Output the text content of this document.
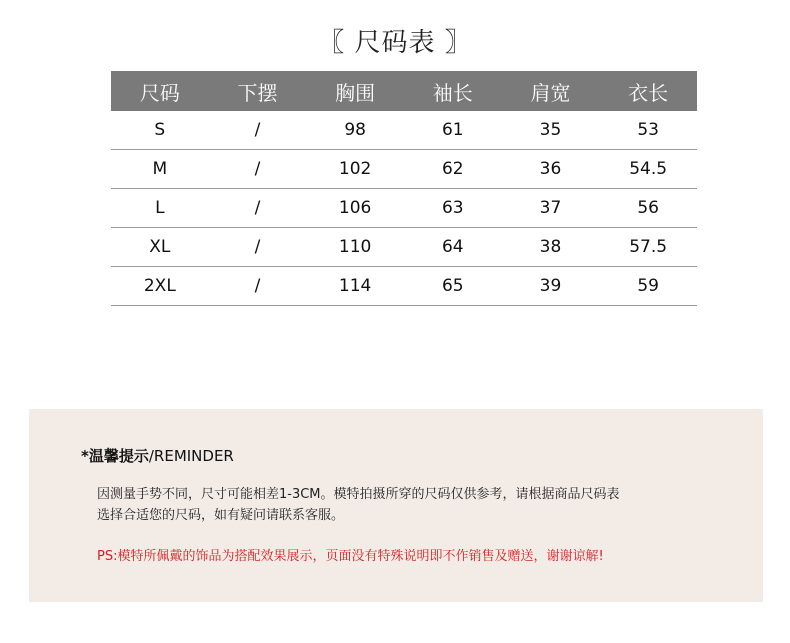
〖 尺码表 〗
尺码	下摆	胸围	袖长	肩宽	衣长
S	/	98	61	35	53
M	/	102	62	36	54.5
L	/	106	63	37	56
XL	/	110	64	38	57.5
2XL	/	114	65	39	59
*温馨提示/REMINDER
因测量手势不同，尺寸可能相差1-3CM。模特拍摄所穿的尺码仅供参考，请根据商品尺码表
选择合适您的尺码，如有疑问请联系客服。
PS:模特所佩戴的饰品为搭配效果展示，页面没有特殊说明即不作销售及赠送，谢谢谅解!
